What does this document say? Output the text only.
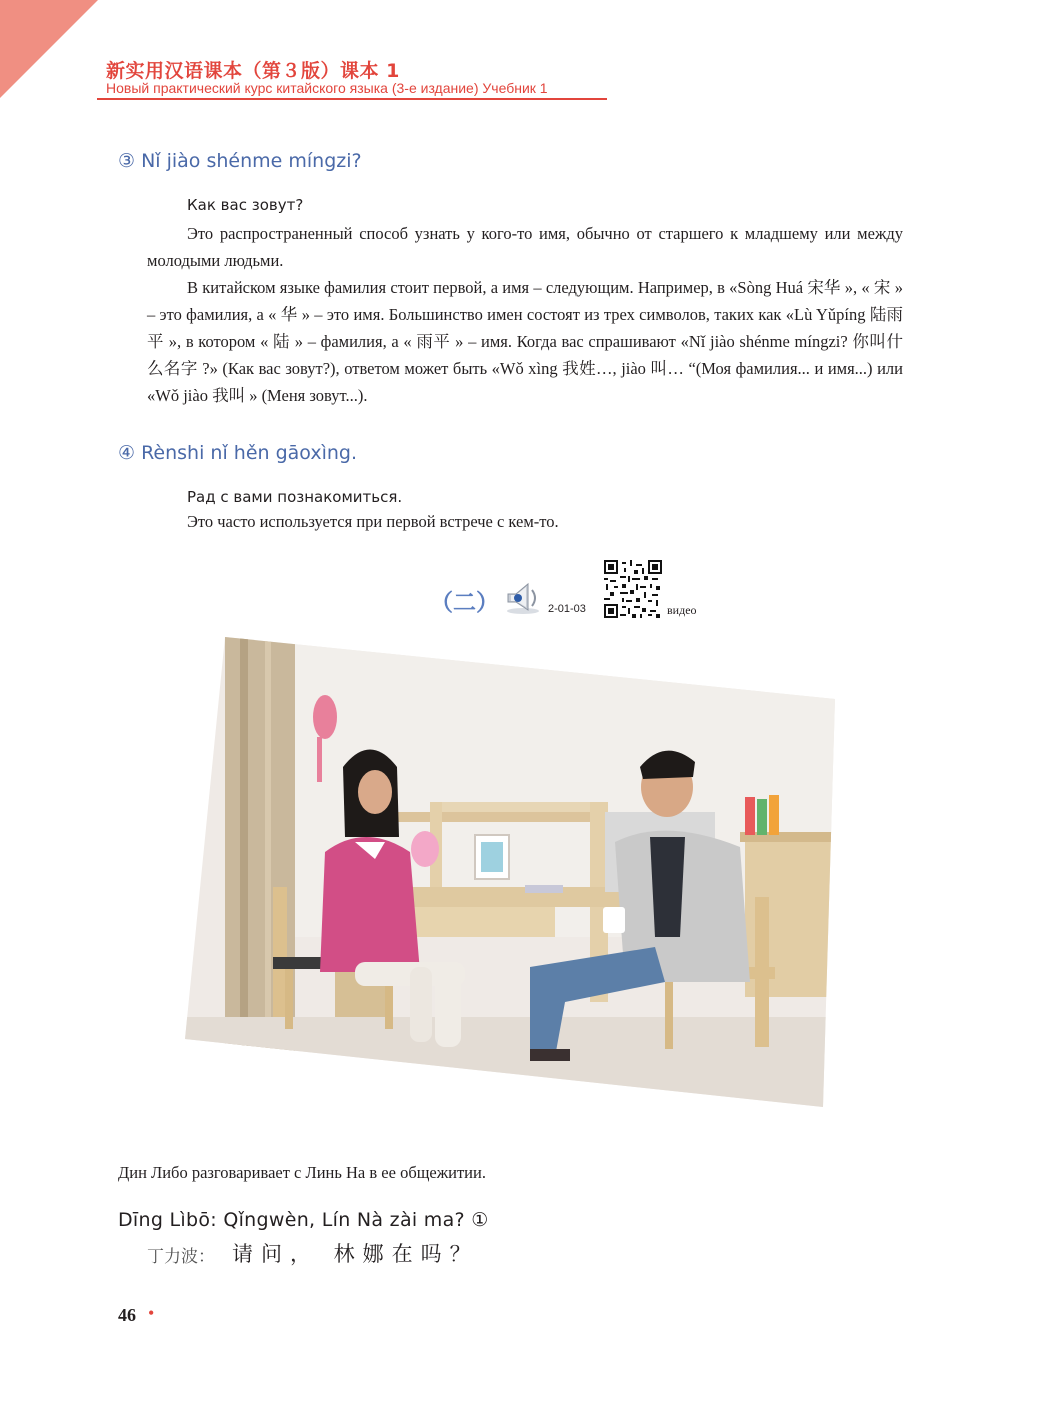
新实用汉语课本（第３版）课本 1
Новый практический курс китайского языка (3-е издание) Учебник 1
③ Nǐ jiào shénme míngzi?
Как вас зовут?

Это распространенный способ узнать у кого-то имя, обычно от старшего к младшему или между молодыми людьми.

В китайском языке фамилия стоит первой, а имя – следующим. Например, в «Sòng Huá 宋华 », « 宋 » – это фамилия, а « 华 » – это имя. Большинство имен состоят из трех символов, таких как «Lù Yǔpíng 陆雨平 », в котором « 陆 » – фамилия, а « 雨平 » – имя. Когда вас спрашивают «Nǐ jiào shénme míngzi? 你叫什么名字 ?» (Как вас зовут?), ответом может быть «Wǒ xìng 我姓…, jiào 叫… “(Моя фамилия... и имя...) или «Wǒ jiào 我叫 » (Меня зовут...).

④ Rènshi nǐ hěn gāoxìng.
Рад с вами познакомиться.
Это часто используется при первой встрече с кем-то.
（二）	2-01-03	видео
Дин Либо разговаривает с Линь На в ее общежитии.
Dīng Lìbō: Qǐngwèn, Lín Nà zài ma? ①
丁力波： 请问， 林娜在吗？
46 •
